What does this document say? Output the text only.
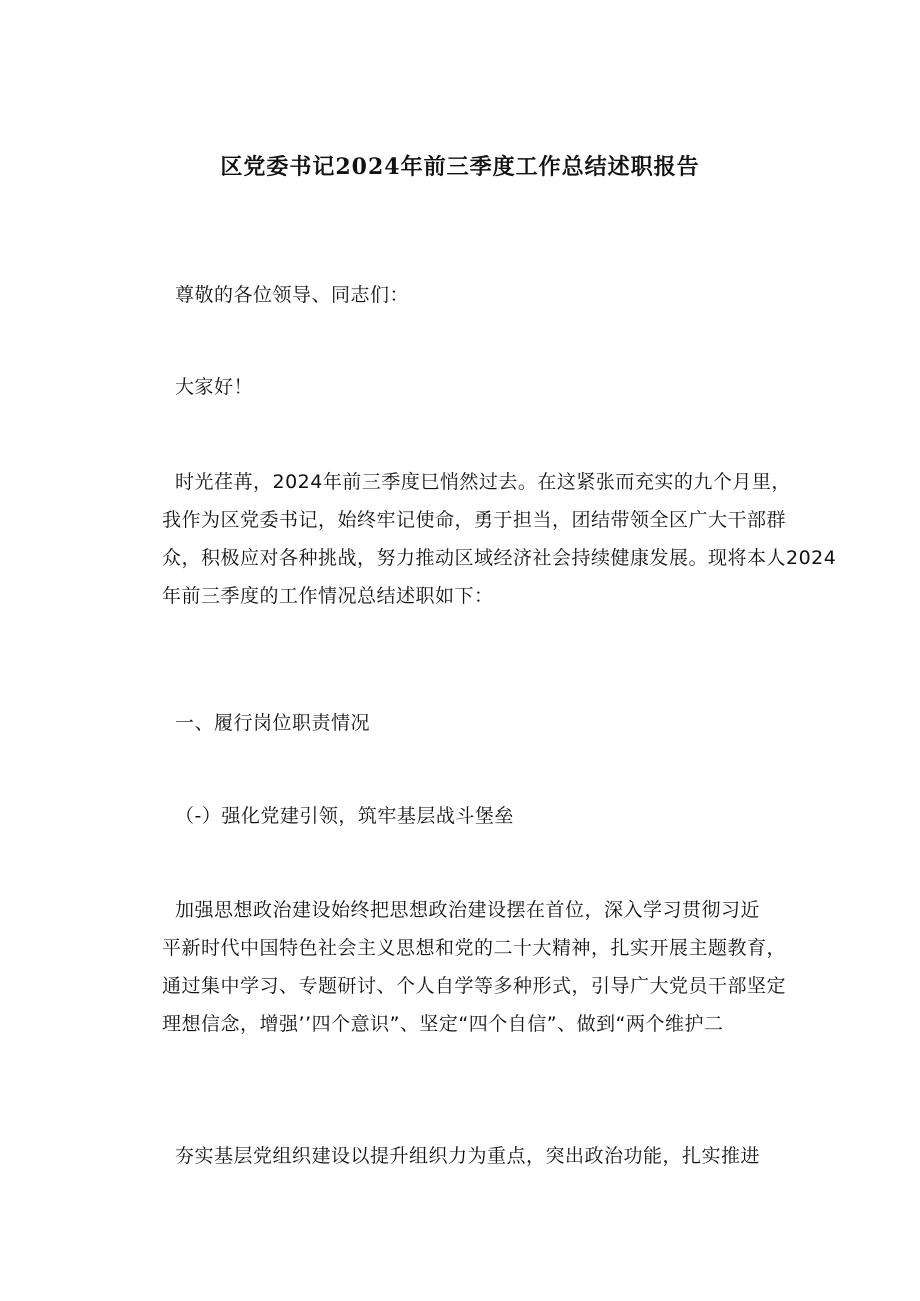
区党委书记2024年前三季度工作总结述职报告
尊敬的各位领导、同志们：
大家好！
时光荏苒，2024年前三季度巳悄然过去。在这紧张而充实的九个月里，
我作为区党委书记，始终牢记使命，勇于担当，团结带领全区广大干部群
众，积极应对各种挑战，努力推动区域经济社会持续健康发展。现将本人2024
年前三季度的工作情况总结述职如下：
一、履行岗位职责情况
（-）强化党建引领，筑牢基层战斗堡垒
加强思想政治建设始终把思想政治建设摆在首位，深入学习贯彻习近
平新时代中国特色社会主义思想和党的二十大精神，扎实开展主题教育，
通过集中学习、专题研讨、个人自学等多种形式，引导广大党员干部坚定
理想信念，增强’’四个意识”、坚定“四个自信”、做到“两个维护二
夯实基层党组织建设以提升组织力为重点，突出政治功能，扎实推进
